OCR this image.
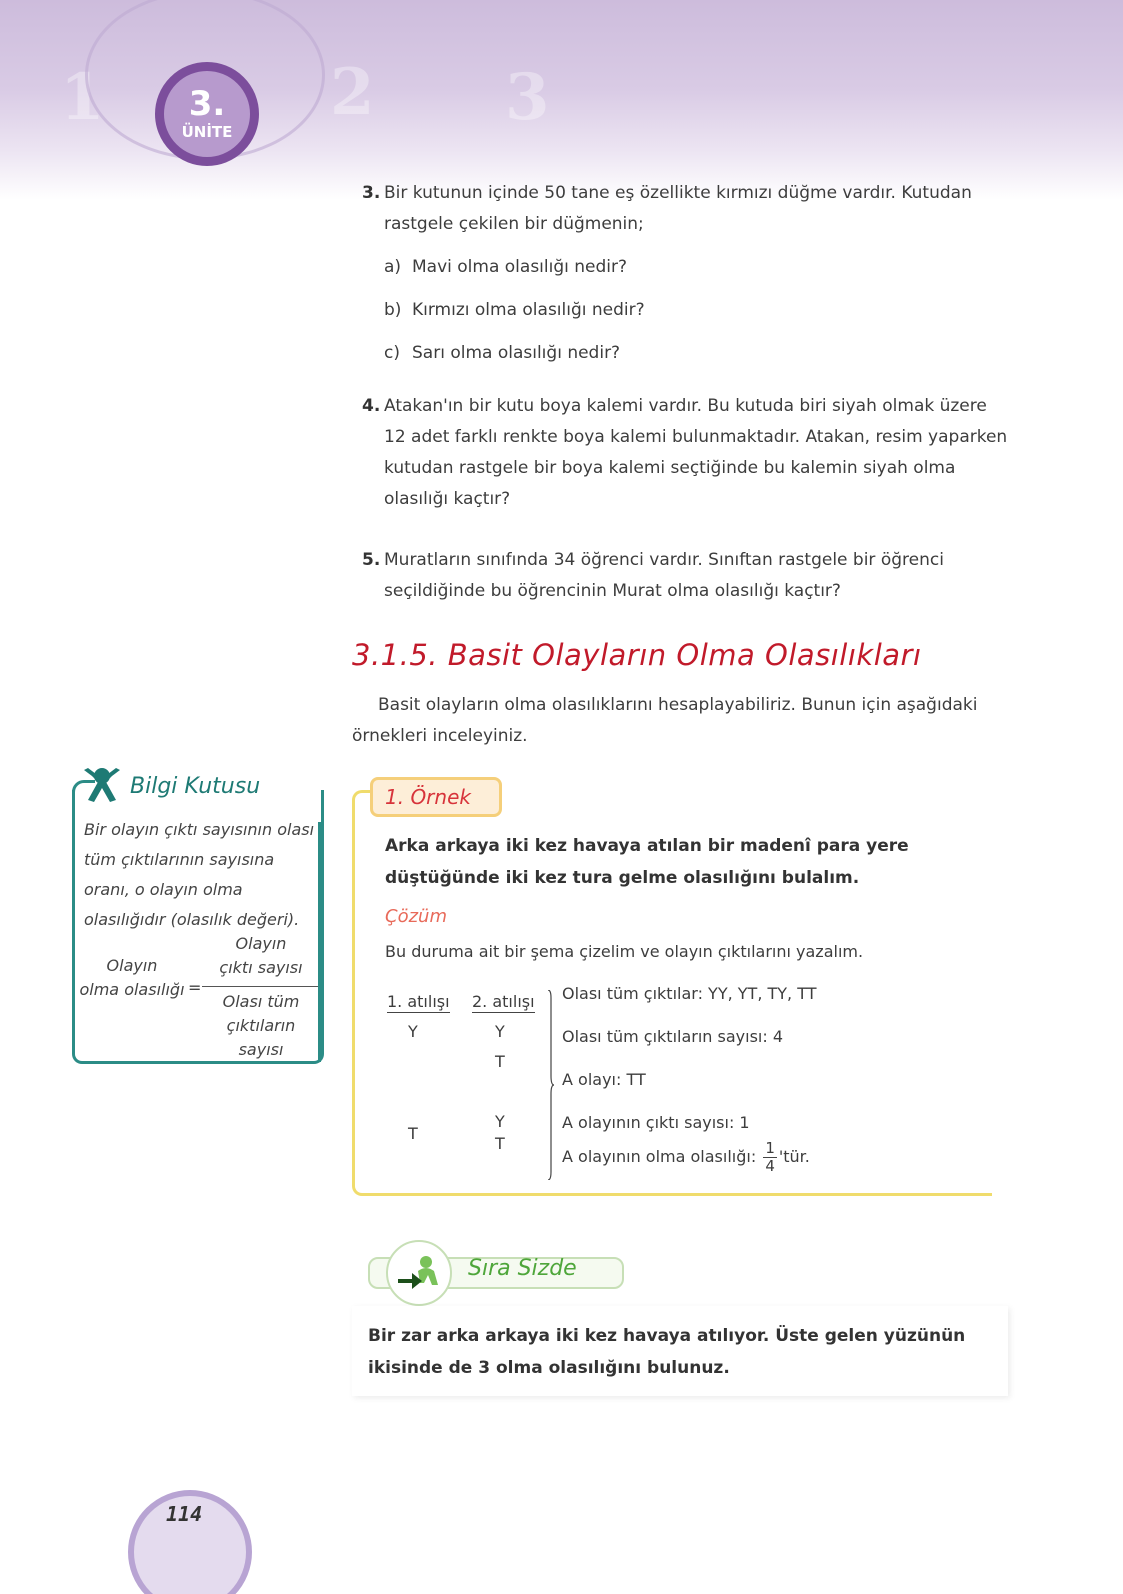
1	2 3
3.
ÜNİTE
3. Bir kutunun içinde 50 tane eş özellikte kırmızı düğme vardır. Kutudan rastgele çekilen bir düğmenin;
a) Mavi olma olasılığı nedir?
b) Kırmızı olma olasılığı nedir?
c) Sarı olma olasılığı nedir?
4. Atakan'ın bir kutu boya kalemi vardır. Bu kutuda biri siyah olmak üzere 12 adet farklı renkte boya kalemi bulunmaktadır. Atakan, resim yaparken kutudan rastgele bir boya kalemi seçtiğinde bu kalemin siyah olma olasılığı kaçtır?
5. Muratların sınıfında 34 öğrenci vardır. Sınıftan rastgele bir öğrenci seçildiğinde bu öğrencinin Murat olma olasılığı kaçtır?
3.1.5. Basit Olayların Olma Olasılıkları
Basit olayların olma olasılıklarını hesaplayabiliriz. Bunun için aşağıdaki örnekleri inceleyiniz.
Bilgi Kutusu
Bir olayın çıktı sayısının olası tüm çıktılarının sayısına oranı, o olayın olma olasılığıdır (olasılık değeri).
Olayın
olma olasılığı =
Olayın
çıktı sayısı
Olası tüm
çıktıların sayısı
1. Örnek
Arka arkaya iki kez havaya atılan bir madenî para yere düştüğünde iki kez tura gelme olasılığını bulalım.
Çözüm
Bu duruma ait bir şema çizelim ve olayın çıktılarını yazalım.
1. atılışı 2. atılışı
Y
T
Y
T
Y
T
Olası tüm çıktılar: YY, YT, TY, TT
Olası tüm çıktıların sayısı: 4
A olayı: TT
A olayının çıktı sayısı: 1
A olayının olma olasılığı: $\frac{1}{4}$ 'tür.
Sıra Sizde
Bir zar arka arkaya iki kez havaya atılıyor. Üste gelen yüzünün ikisinde de 3 olma olasılığını bulunuz.
114
